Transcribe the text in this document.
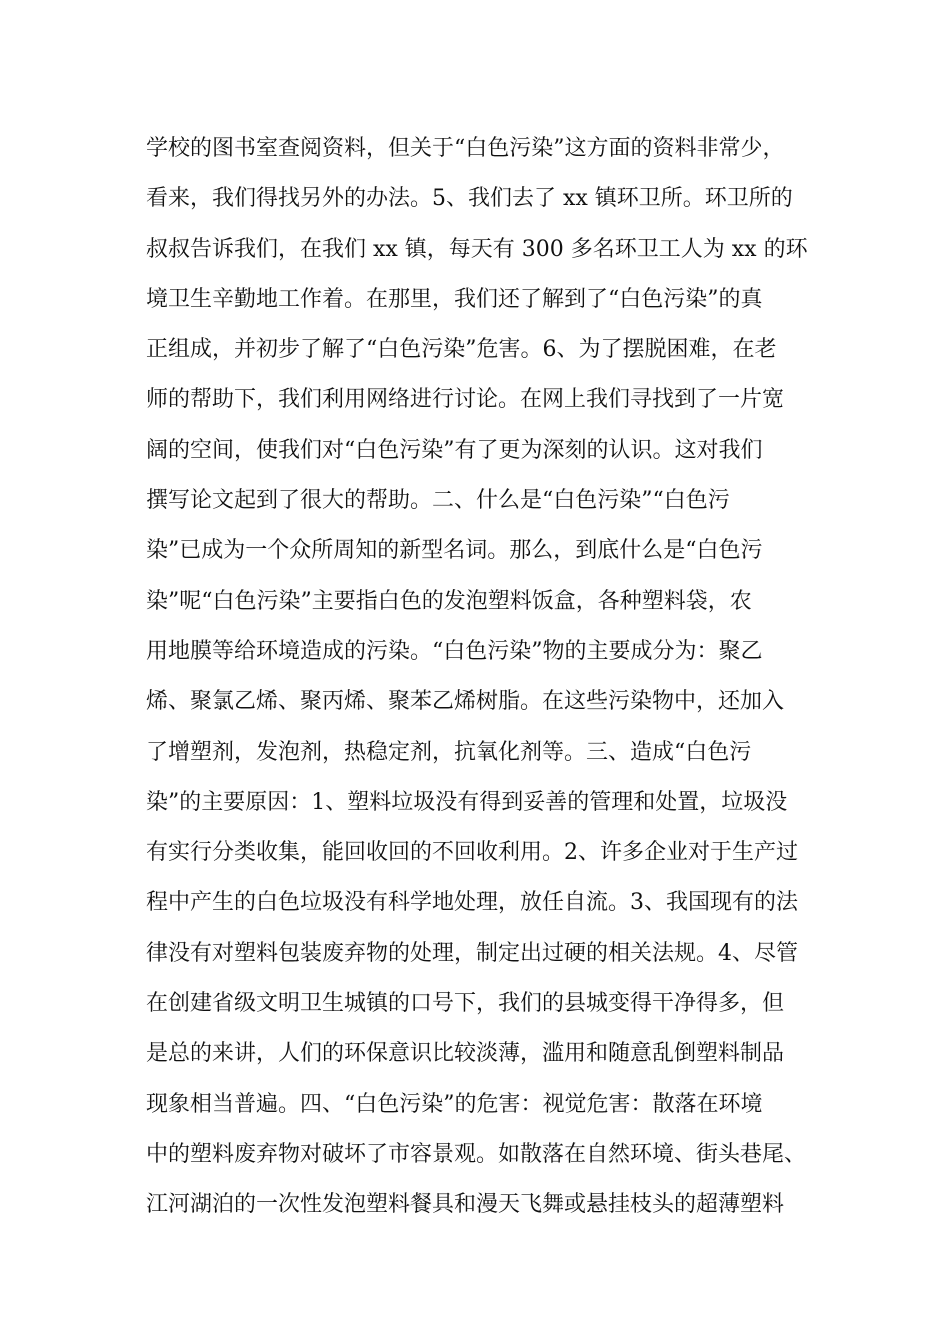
学校的图书室查阅资料，但关于“白色污染”这方面的资料非常少，
看来，我们得找另外的办法。5、我们去了 xx 镇环卫所。环卫所的
叔叔告诉我们，在我们 xx 镇，每天有 300 多名环卫工人为 xx 的环
境卫生辛勤地工作着。在那里，我们还了解到了“白色污染”的真
正组成，并初步了解了“白色污染”危害。6、为了摆脱困难，在老
师的帮助下，我们利用网络进行讨论。在网上我们寻找到了一片宽
阔的空间，使我们对“白色污染”有了更为深刻的认识。这对我们
撰写论文起到了很大的帮助。二、什么是“白色污染”“白色污
染”已成为一个众所周知的新型名词。那么，到底什么是“白色污
染”呢“白色污染”主要指白色的发泡塑料饭盒，各种塑料袋，农
用地膜等给环境造成的污染。“白色污染”物的主要成分为：聚乙
烯、聚氯乙烯、聚丙烯、聚苯乙烯树脂。在这些污染物中，还加入
了增塑剂，发泡剂，热稳定剂，抗氧化剂等。三、造成“白色污
染”的主要原因：1、塑料垃圾没有得到妥善的管理和处置，垃圾没
有实行分类收集，能回收回的不回收利用。2、许多企业对于生产过
程中产生的白色垃圾没有科学地处理，放任自流。3、我国现有的法
律没有对塑料包装废弃物的处理，制定出过硬的相关法规。4、尽管
在创建省级文明卫生城镇的口号下，我们的县城变得干净得多，但
是总的来讲，人们的环保意识比较淡薄，滥用和随意乱倒塑料制品
现象相当普遍。四、“白色污染”的危害：视觉危害：散落在环境
中的塑料废弃物对破坏了市容景观。如散落在自然环境、街头巷尾、
江河湖泊的一次性发泡塑料餐具和漫天飞舞或悬挂枝头的超薄塑料
